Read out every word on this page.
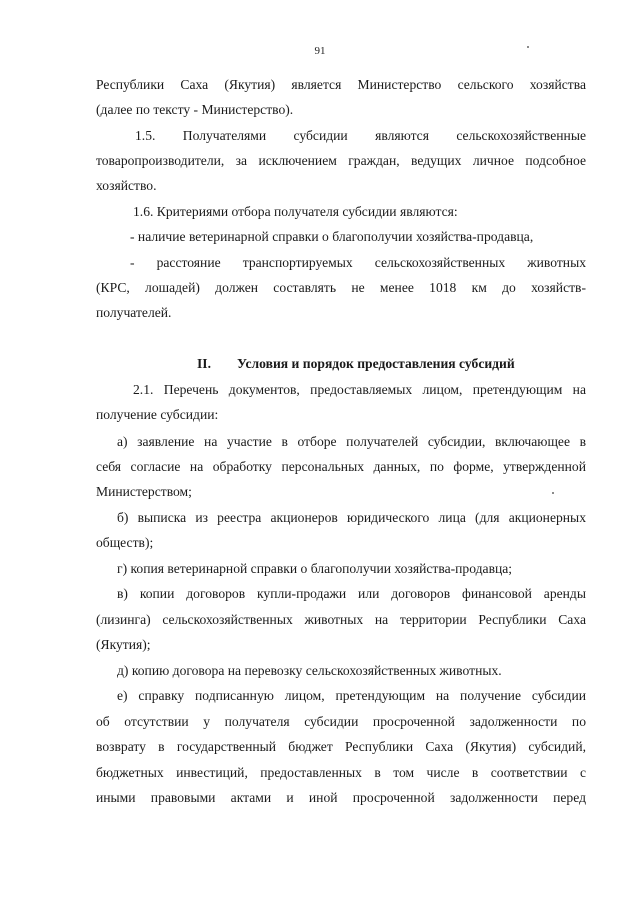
91
Республики Саха (Якутия) является Министерство сельского хозяйства
(далее по тексту - Министерство).
1.5. Получателями субсидии являются сельскохозяйственные
товаропроизводители, за исключением граждан, ведущих личное подсобное
хозяйство.
1.6. Критериями отбора получателя субсидии являются:
- наличие ветеринарной справки о благополучии хозяйства-продавца,
- расстояние транспортируемых сельскохозяйственных животных
(КРС, лошадей) должен составлять не менее 1018 км до хозяйств-
получателей.
II. Условия и порядок предоставления субсидий
2.1. Перечень документов, предоставляемых лицом, претендующим на
получение субсидии:
а) заявление на участие в отборе получателей субсидии, включающее в
себя согласие на обработку персональных данных, по форме, утвержденной
Министерством;
б) выписка из реестра акционеров юридического лица (для акционерных
обществ);
г) копия ветеринарной справки о благополучии хозяйства-продавца;
в) копии договоров купли-продажи или договоров финансовой аренды
(лизинга) сельскохозяйственных животных на территории Республики Саха
(Якутия);
д) копию договора на перевозку сельскохозяйственных животных.
е) справку подписанную лицом, претендующим на получение субсидии
об отсутствии у получателя субсидии просроченной задолженности по
возврату в государственный бюджет Республики Саха (Якутия) субсидий,
бюджетных инвестиций, предоставленных в том числе в соответствии с
иными правовыми актами и иной просроченной задолженности перед
